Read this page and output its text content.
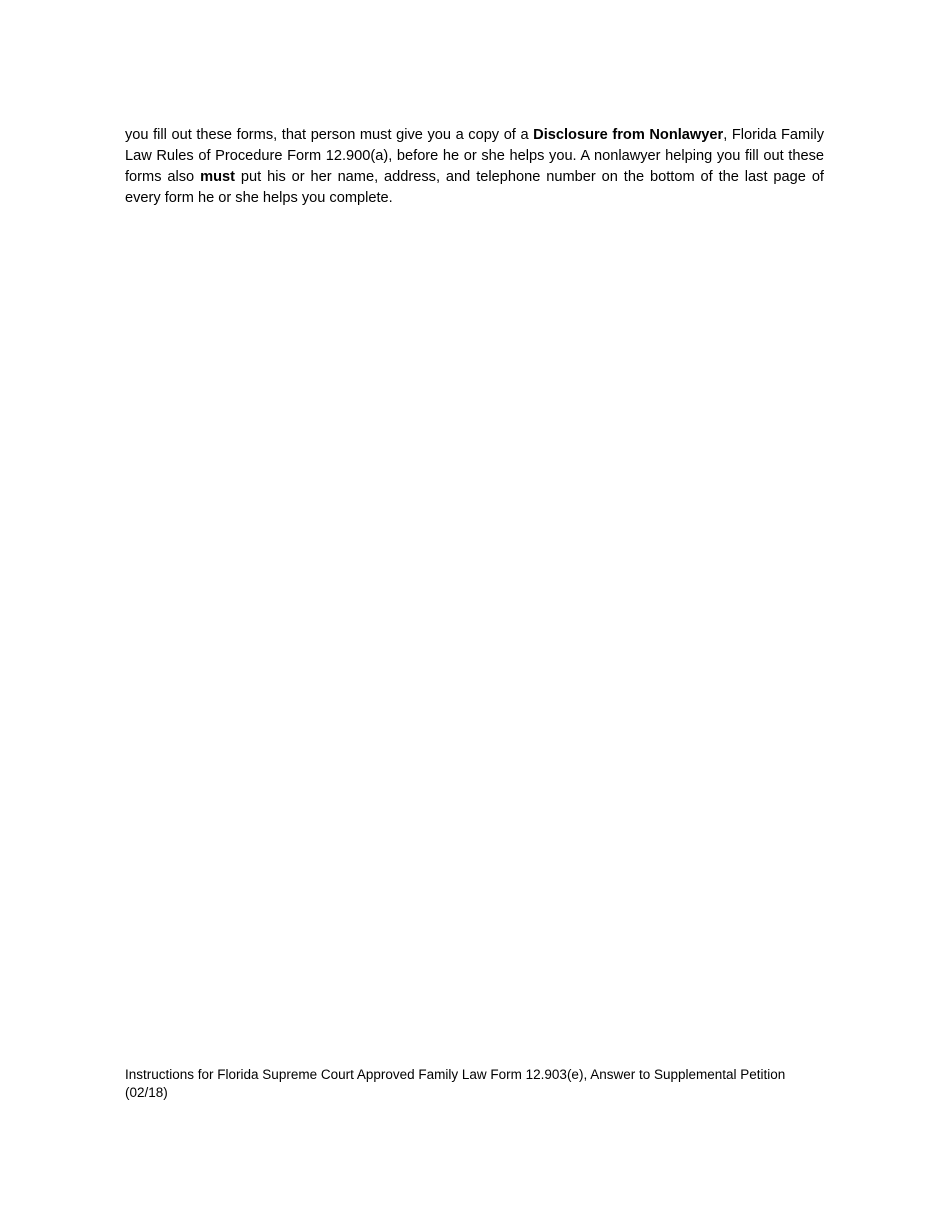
you fill out these forms, that person must give you a copy of a Disclosure from Nonlawyer, Florida Family Law Rules of Procedure Form 12.900(a), before he or she helps you. A nonlawyer helping you fill out these forms also must put his or her name, address, and telephone number on the bottom of the last page of every form he or she helps you complete.

Instructions for Florida Supreme Court Approved Family Law Form 12.903(e), Answer to Supplemental Petition
(02/18)
